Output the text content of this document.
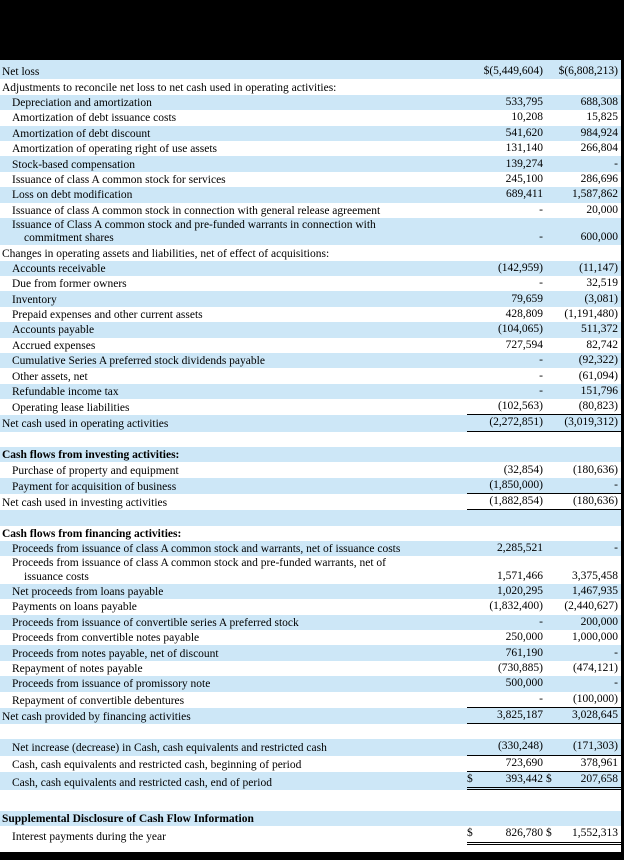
Net loss	$(5,449,604)	$(6,808,213)
Adjustments to reconcile net loss to net cash used in operating activities:
Depreciation and amortization	533,795	688,308
Amortization of debt issuance costs	10,208	15,825
Amortization of debt discount	541,620	984,924
Amortization of operating right of use assets	131,140	266,804
Stock-based compensation	139,274	-
Issuance of class A common stock for services	245,100	286,696
Loss on debt modification	689,411	1,587,862
Issuance of class A common stock in connection with general release agreement	-	20,000
Issuance of Class A common stock and pre-funded warrants in connection with
commitment shares	-	600,000
Changes in operating assets and liabilities, net of effect of acquisitions:
Accounts receivable	(142,959)	(11,147)
Due from former owners	-	32,519
Inventory	79,659	(3,081)
Prepaid expenses and other current assets	428,809	(1,191,480)
Accounts payable	(104,065)	511,372
Accrued expenses	727,594	82,742
Cumulative Series A preferred stock dividends payable	-	(92,322)
Other assets, net	-	(61,094)
Refundable income tax	-	151,796
Operating lease liabilities	(102,563)	(80,823)
Net cash used in operating activities	(2,272,851)	(3,019,312)
Cash flows from investing activities:
Purchase of property and equipment	(32,854)	(180,636)
Payment for acquisition of business	(1,850,000)	-
Net cash used in investing activities	(1,882,854)	(180,636)
Cash flows from financing activities:
Proceeds from issuance of class A common stock and warrants, net of issuance costs	2,285,521	-
Proceeds from issuance of class A common stock and pre-funded warrants, net of
issuance costs	1,571,466	3,375,458
Net proceeds from loans payable	1,020,295	1,467,935
Payments on loans payable	(1,832,400)	(2,440,627)
Proceeds from issuance of convertible series A preferred stock	-	200,000
Proceeds from convertible notes payable	250,000	1,000,000
Proceeds from notes payable, net of discount	761,190	-
Repayment of notes payable	(730,885)	(474,121)
Proceeds from issuance of promissory note	500,000	-
Repayment of convertible debentures	-	(100,000)
Net cash provided by financing activities	3,825,187	3,028,645
Net increase (decrease) in Cash, cash equivalents and restricted cash	(330,248)	(171,303)
Cash, cash equivalents and restricted cash, beginning of period	723,690	378,961
Cash, cash equivalents and restricted cash, end of period	$	393,442 $	207,658
Supplemental Disclosure of Cash Flow Information
Interest payments during the year	$	826,780 $ 1,552,313
